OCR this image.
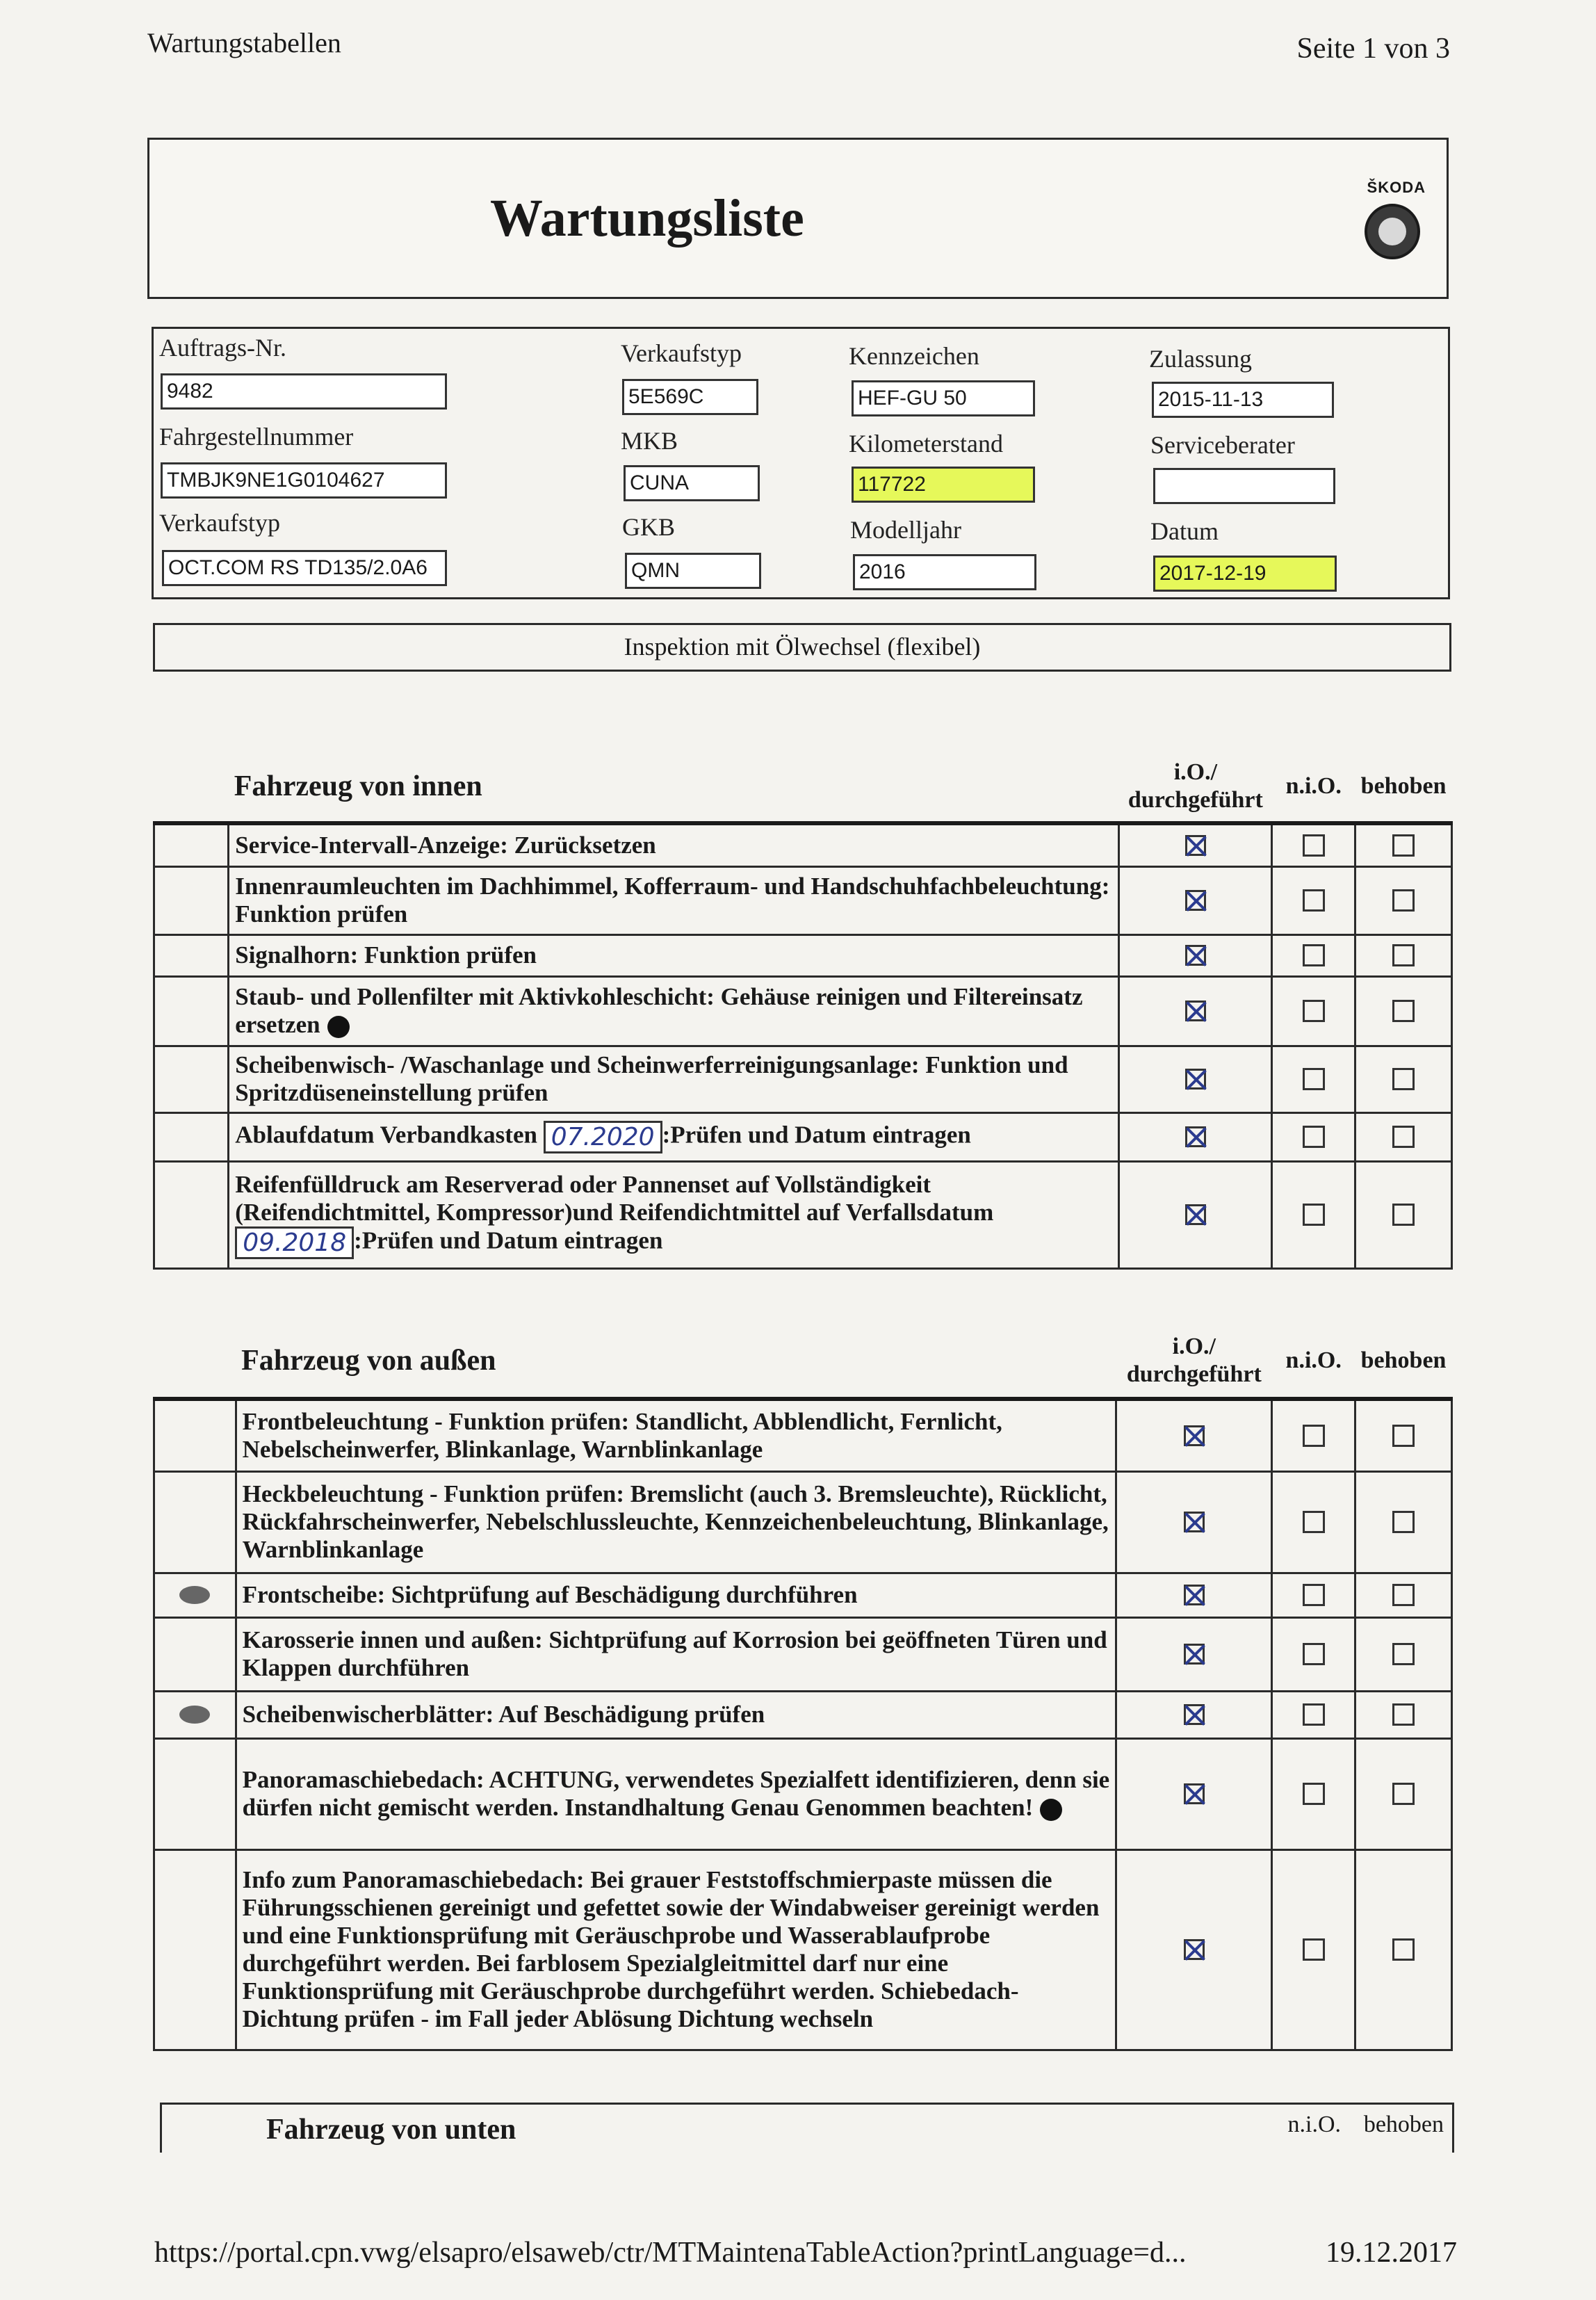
Wartungstabellen	Seite 1 von 3
Wartungsliste
ŠKODA
Auftrags-Nr.
9482
Verkaufstyp
5E569C
Kennzeichen
HEF-GU 50
Zulassung
2015-11-13
Fahrgestellnummer
TMBJK9NE1G0104627
MKB
CUNA
Kilometerstand
117722
Serviceberater
Verkaufstyp
OCT.COM RS TD135/2.0A6
GKB
QMN
Modelljahr
2016
Datum
2017-12-19
Inspektion mit Ölwechsel (flexibel)
	Fahrzeug von innen	i.O./ durchgeführt	n.i.O.	behoben
	Service-Intervall-Anzeige: Zurücksetzen	

	Innenraumleuchten im Dachhimmel, Kofferraum- und Handschuhfachbeleuchtung: Funktion prüfen	

	Signalhorn: Funktion prüfen	

	Staub- und Pollenfilter mit Aktivkohleschicht: Gehäuse reinigen und Filtereinsatz ersetzen	

	Scheibenwisch- /Waschanlage und Scheinwerferreinigungsanlage: Funktion und Spritzdüseneinstellung prüfen	

	Ablaufdatum Verbandkasten 07.2020 :Prüfen und Datum eintragen	

	Reifenfülldruck am Reserverad oder Pannenset auf Vollständigkeit (Reifendichtmittel, Kompressor)und Reifendichtmittel auf Verfallsdatum
09.2018 :Prüfen und Datum eintragen	

	Fahrzeug von außen	i.O./ durchgeführt	n.i.O.	behoben
	Frontbeleuchtung - Funktion prüfen: Standlicht, Abblendlicht, Fernlicht, Nebelscheinwerfer, Blinkanlage, Warnblinkanlage	

	Heckbeleuchtung - Funktion prüfen: Bremslicht (auch 3. Bremsleuchte), Rücklicht, Rückfahrscheinwerfer, Nebelschlussleuchte, Kennzeichenbeleuchtung, Blinkanlage, Warnblinkanlage	

	Frontscheibe: Sichtprüfung auf Beschädigung durchführen	

	Karosserie innen und außen: Sichtprüfung auf Korrosion bei geöffneten Türen und Klappen durchführen	

	Scheibenwischerblätter: Auf Beschädigung prüfen	

	Panoramaschiebedach: ACHTUNG, verwendetes Spezialfett identifizieren, denn sie dürfen nicht gemischt werden. Instandhaltung Genau Genommen beachten!	

	Info zum Panoramaschiebedach: Bei grauer Feststoffschmierpaste müssen die Führungsschienen gereinigt und gefettet sowie der Windabweiser gereinigt werden und eine Funktionsprüfung mit Geräuschprobe und Wasserablaufprobe durchgeführt werden. Bei farblosem Spezialgleitmittel darf nur eine Funktionsprüfung mit Geräuschprobe durchgeführt werden. Schiebedach-Dichtung prüfen - im Fall jeder Ablösung Dichtung wechseln	

Fahrzeug von unten	n.i.O. behoben
https://portal.cpn.vwg/elsapro/elsaweb/ctr/MTMaintenaTableAction?printLanguage=d...	19.12.2017
